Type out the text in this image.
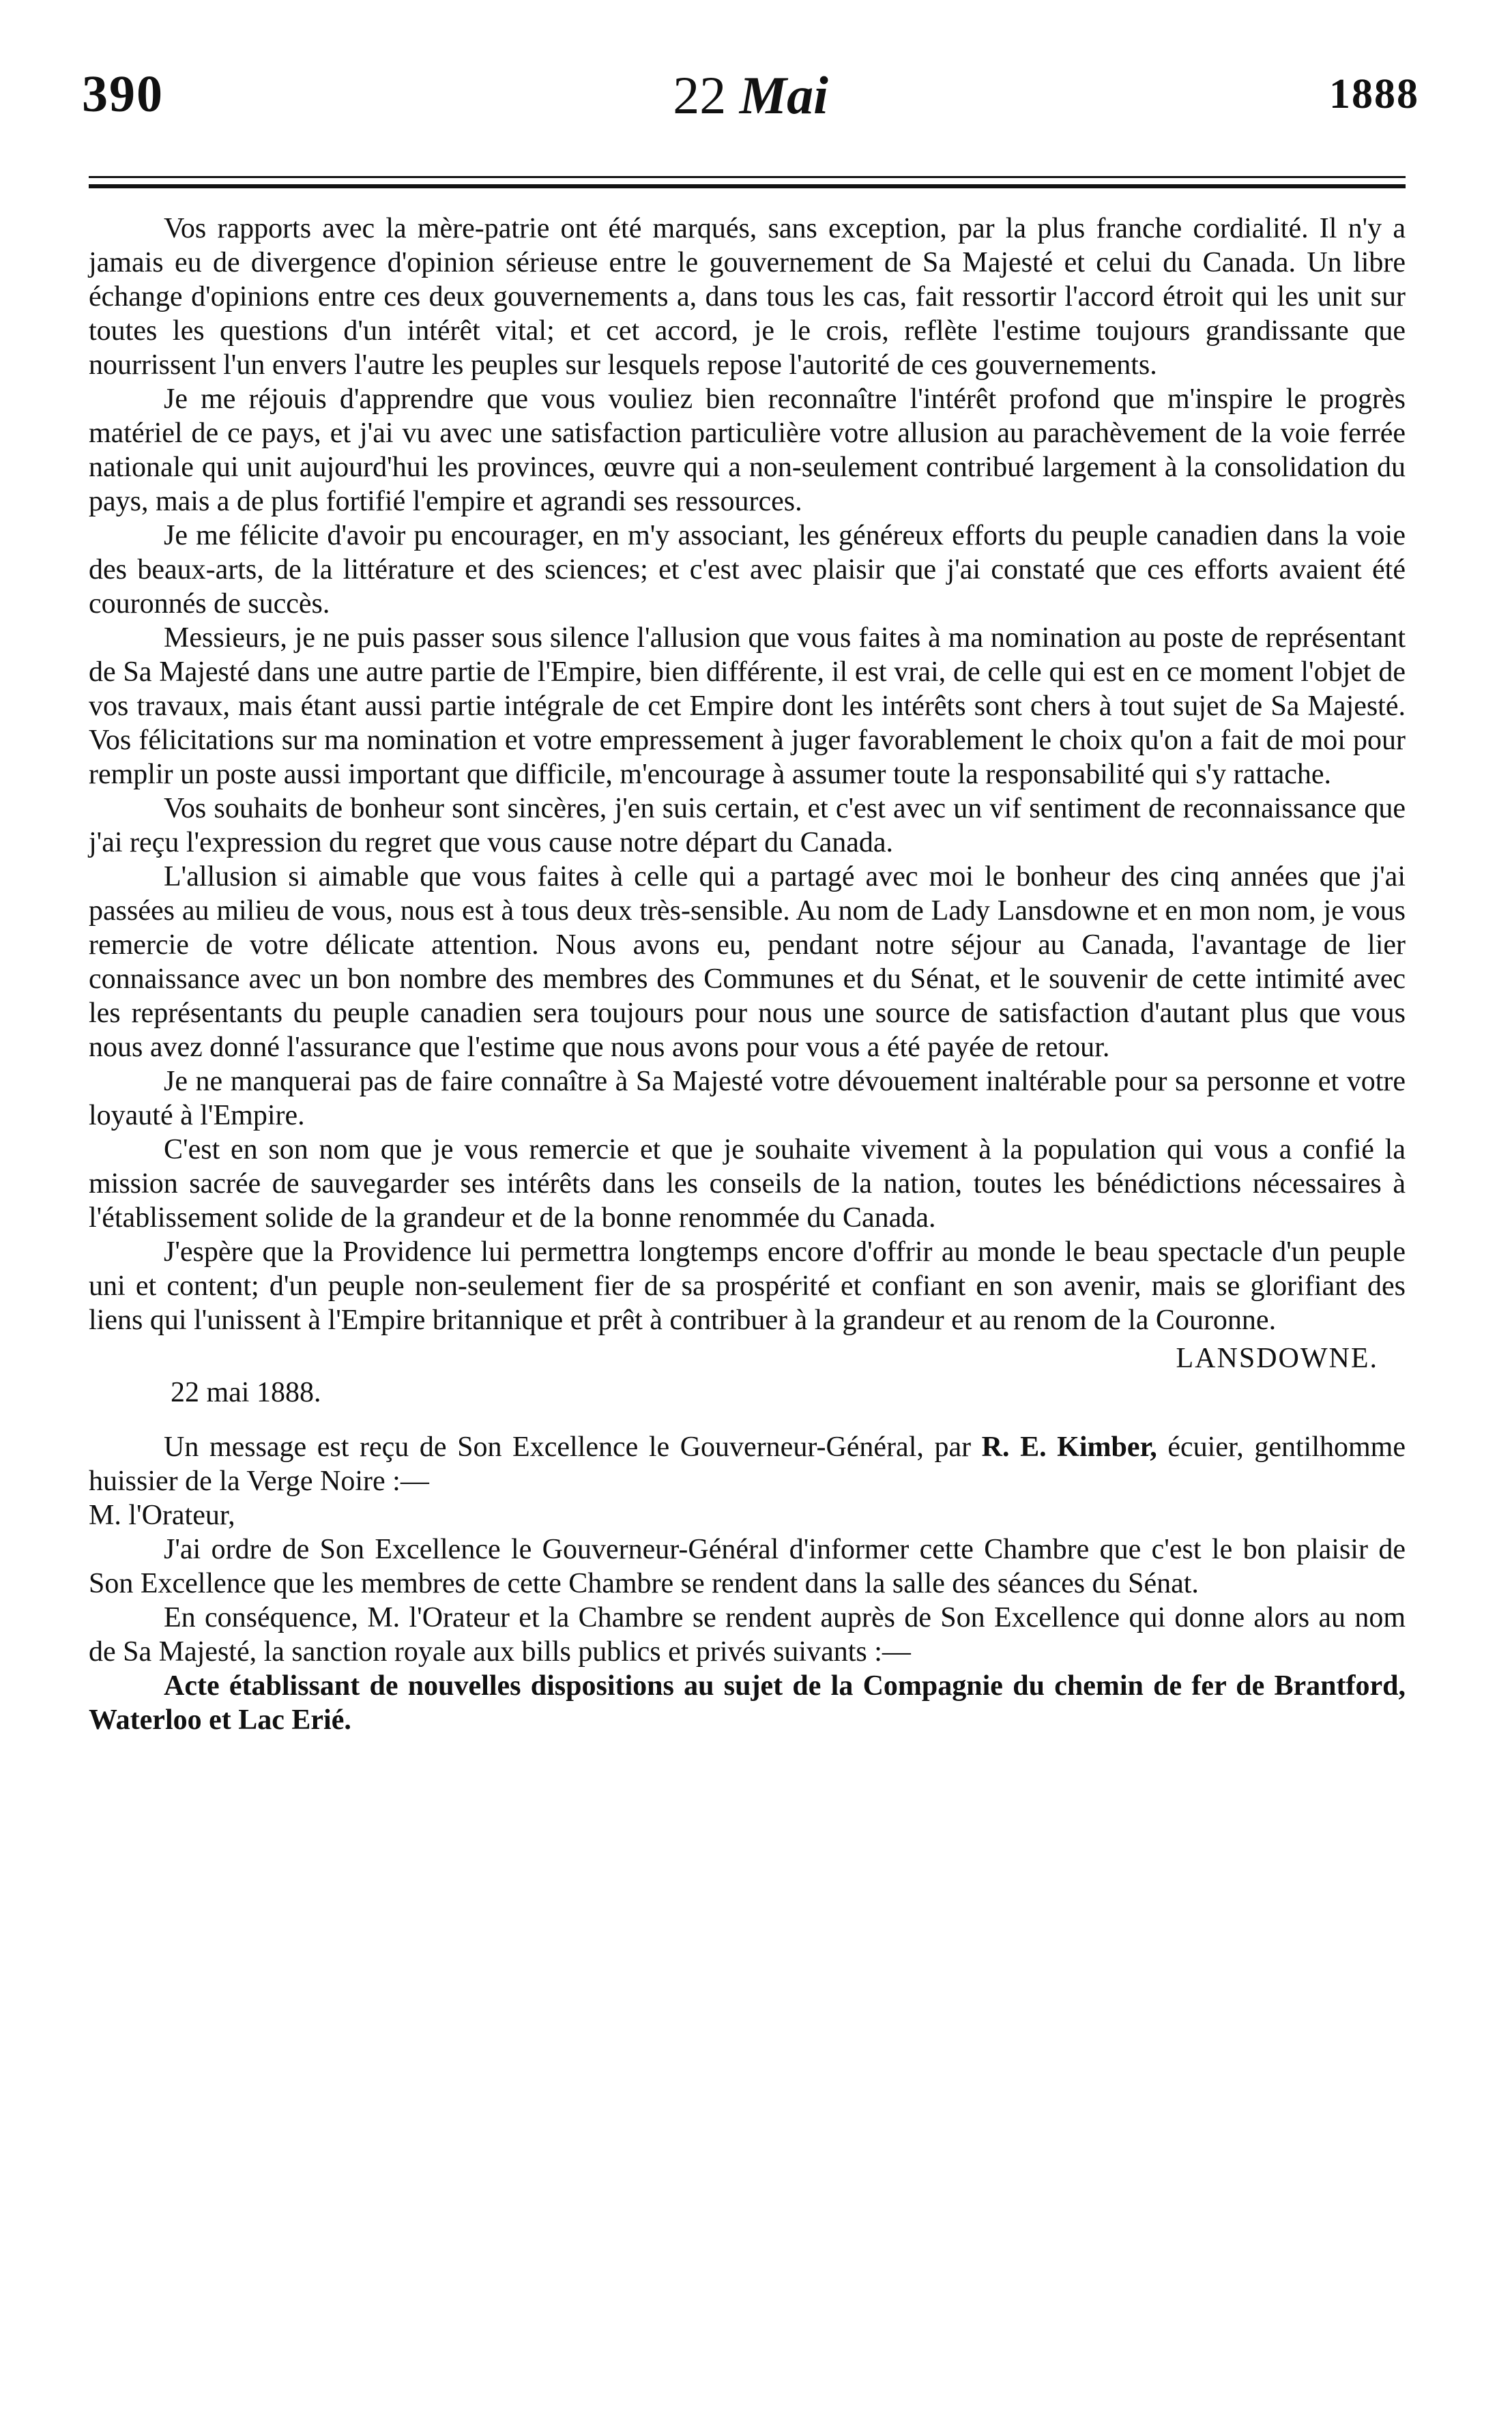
390	22 Mai	1888

Vos rapports avec la mère-patrie ont été marqués, sans exception, par la plus franche cordialité. Il n'y a jamais eu de divergence d'opinion sérieuse entre le gouvernement de Sa Majesté et celui du Canada. Un libre échange d'opinions entre ces deux gouvernements a, dans tous les cas, fait ressortir l'accord étroit qui les unit sur toutes les questions d'un intérêt vital; et cet accord, je le crois, reflète l'estime toujours grandissante que nourrissent l'un envers l'autre les peuples sur lesquels repose l'autorité de ces gouvernements.

Je me réjouis d'apprendre que vous vouliez bien reconnaître l'intérêt profond que m'inspire le progrès matériel de ce pays, et j'ai vu avec une satisfaction particulière votre allusion au parachèvement de la voie ferrée nationale qui unit aujourd'hui les provinces, œuvre qui a non-seulement contribué largement à la consolidation du pays, mais a de plus fortifié l'empire et agrandi ses ressources.

Je me félicite d'avoir pu encourager, en m'y associant, les généreux efforts du peuple canadien dans la voie des beaux-arts, de la littérature et des sciences; et c'est avec plaisir que j'ai constaté que ces efforts avaient été couronnés de succès.

Messieurs, je ne puis passer sous silence l'allusion que vous faites à ma nomination au poste de représentant de Sa Majesté dans une autre partie de l'Empire, bien différente, il est vrai, de celle qui est en ce moment l'objet de vos travaux, mais étant aussi partie intégrale de cet Empire dont les intérêts sont chers à tout sujet de Sa Majesté. Vos félicitations sur ma nomination et votre empressement à juger favorablement le choix qu'on a fait de moi pour remplir un poste aussi important que difficile, m'encourage à assumer toute la responsabilité qui s'y rattache.

Vos souhaits de bonheur sont sincères, j'en suis certain, et c'est avec un vif sentiment de reconnaissance que j'ai reçu l'expression du regret que vous cause notre départ du Canada.

L'allusion si aimable que vous faites à celle qui a partagé avec moi le bonheur des cinq années que j'ai passées au milieu de vous, nous est à tous deux très-sensible. Au nom de Lady Lansdowne et en mon nom, je vous remercie de votre délicate attention. Nous avons eu, pendant notre séjour au Canada, l'avantage de lier connaissance avec un bon nombre des membres des Communes et du Sénat, et le souvenir de cette intimité avec les représentants du peuple canadien sera toujours pour nous une source de satisfaction d'autant plus que vous nous avez donné l'assurance que l'estime que nous avons pour vous a été payée de retour.

Je ne manquerai pas de faire connaître à Sa Majesté votre dévouement inaltérable pour sa personne et votre loyauté à l'Empire.

C'est en son nom que je vous remercie et que je souhaite vivement à la population qui vous a confié la mission sacrée de sauvegarder ses intérêts dans les conseils de la nation, toutes les bénédictions nécessaires à l'établissement solide de la grandeur et de la bonne renommée du Canada.

J'espère que la Providence lui permettra longtemps encore d'offrir au monde le beau spectacle d'un peuple uni et content; d'un peuple non-seulement fier de sa prospérité et confiant en son avenir, mais se glorifiant des liens qui l'unissent à l'Empire britannique et prêt à contribuer à la grandeur et au renom de la Couronne.

LANSDOWNE.
22 mai 1888.

Un message est reçu de Son Excellence le Gouverneur-Général, par R. E. Kimber, écuier, gentilhomme huissier de la Verge Noire :—

M. l'Orateur,

J'ai ordre de Son Excellence le Gouverneur-Général d'informer cette Chambre que c'est le bon plaisir de Son Excellence que les membres de cette Chambre se rendent dans la salle des séances du Sénat.

En conséquence, M. l'Orateur et la Chambre se rendent auprès de Son Excellence qui donne alors au nom de Sa Majesté, la sanction royale aux bills publics et privés suivants :—

Acte établissant de nouvelles dispositions au sujet de la Compagnie du chemin de fer de Brantford, Waterloo et Lac Erié.
